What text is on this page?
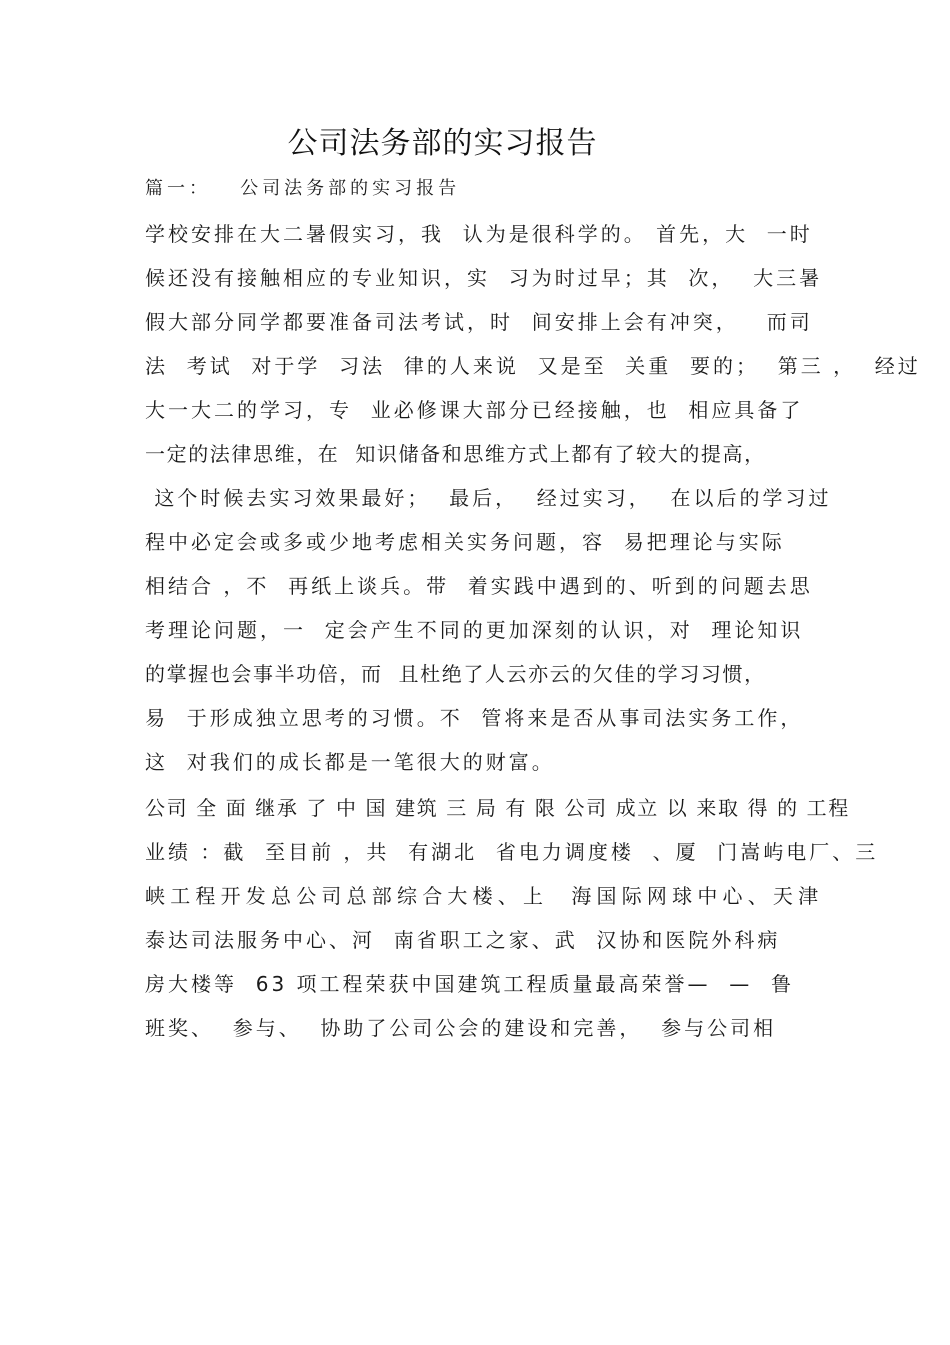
公司法务部的实习报告
篇一：   公司法务部的实习报告
学校安排在大二暑假实习，我  认为是很科学的。 首先，大  一时
候还没有接触相应的专业知识，实  习为时过早；其  次，  大三暑
假大部分同学都要准备司法考试，时  间安排上会有冲突，   而司
法  考试  对于学  习法  律的人来说  又是至  关重  要的；  第三 ，  经过
大一大二的学习，专  业必修课大部分已经接触，也  相应具备了
一定的法律思维，在  知识储备和思维方式上都有了较大的提高，
这个时候去实习效果最好；  最后，  经过实习，  在以后的学习过
程中必定会或多或少地考虑相关实务问题，容  易把理论与实际
相结合 ，不  再纸上谈兵。带  着实践中遇到的、听到的问题去思
考理论问题，一  定会产生不同的更加深刻的认识，对  理论知识
的掌握也会事半功倍，而  且杜绝了人云亦云的欠佳的学习习惯，
易  于形成独立思考的习惯。不  管将来是否从事司法实务工作，
这  对我们的成长都是一笔很大的财富。
公司 全 面 继承 了 中 国 建筑 三 局 有 限 公司 成立 以 来取 得 的 工程
业绩 ：截  至目前 ，共  有湖北  省电力调度楼  、厦  门嵩屿电厂、三
峡工程开发总公司总部综合大楼、上  海国际网球中心、天津
泰达司法服务中心、河  南省职工之家、武  汉协和医院外科病
房大楼等  63 项工程荣获中国建筑工程质量最高荣誉—  —  鲁
班奖、  参与、  协助了公司公会的建设和完善，  参与公司相
